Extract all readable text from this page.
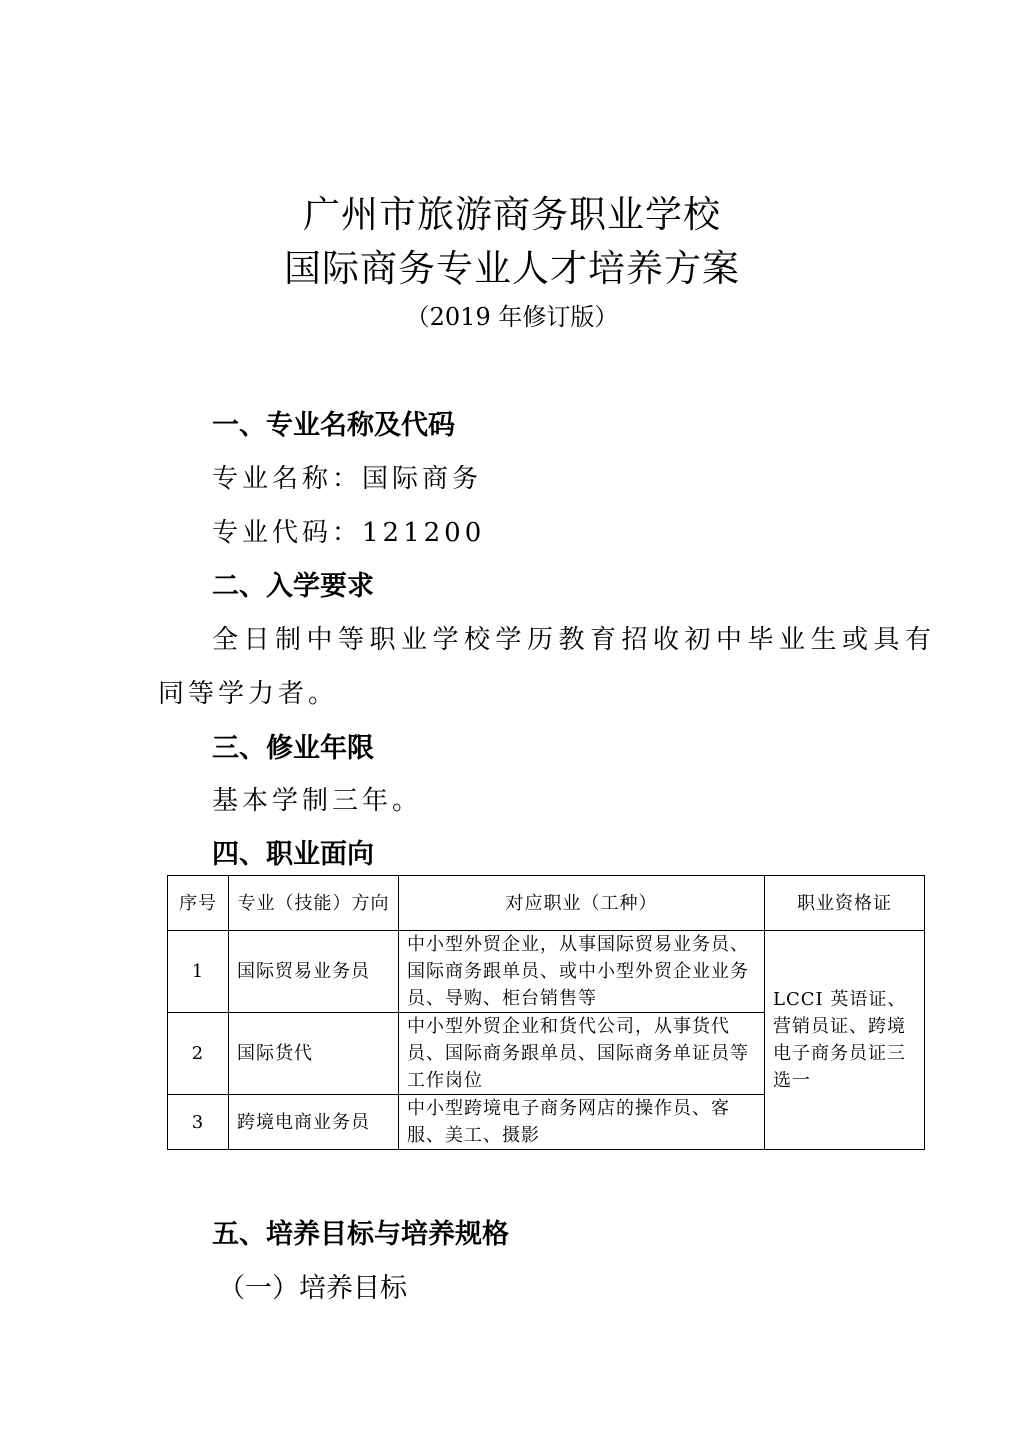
广州市旅游商务职业学校
国际商务专业人才培养方案
（2019 年修订版）
一、专业名称及代码
专业名称：国际商务
专业代码：121200
二、入学要求
全日制中等职业学校学历教育招收初中毕业生或具有
同等学力者。
三、修业年限
基本学制三年。
四、职业面向
序号	专业（技能）方向	对应职业（工种）	职业资格证
1	国际贸易业务员	中小型外贸企业，从事国际贸易业务员、国际商务跟单员、或中小型外贸企业业务员、导购、柜台销售等	LCCI 英语证、营销员证、跨境电子商务员证三选一
2	国际货代	中小型外贸企业和货代公司，从事货代员、国际商务跟单员、国际商务单证员等工作岗位	
3	跨境电商业务员	中小型跨境电子商务网店的操作员、客服、美工、摄影	
五、培养目标与培养规格
（一）培养目标
